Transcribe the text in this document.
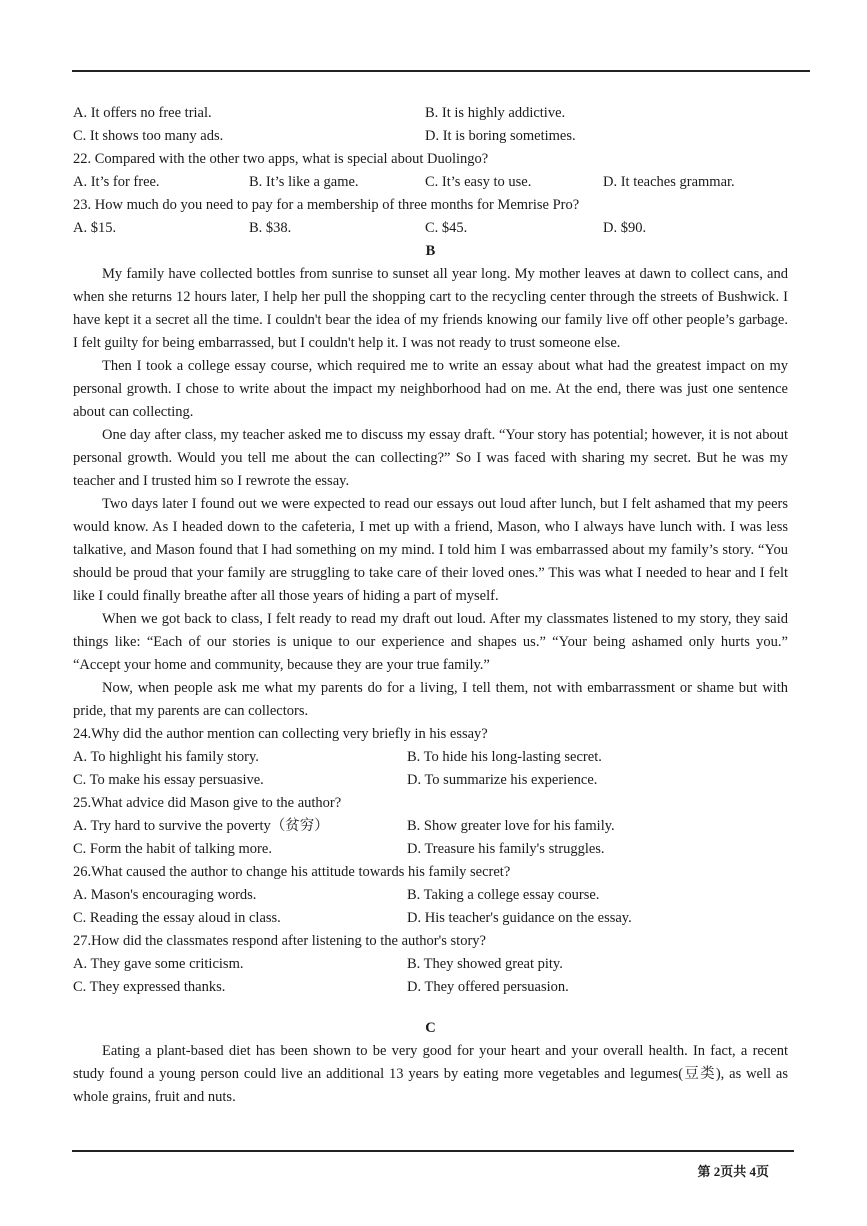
A. It offers no free trial.	B. It is highly addictive.
C. It shows too many ads.	D. It is boring sometimes.

22. Compared with the other two apps, what is special about Duolingo?

A. It’s for free.	B. It’s like a game.	C. It’s easy to use.	D. It teaches grammar.

23. How much do you need to pay for a membership of three months for Memrise Pro?

A. $15.	B. $38.	C. $45.	D. $90.

B

My family have collected bottles from sunrise to sunset all year long. My mother leaves at dawn to collect cans, and when she returns 12 hours later, I help her pull the shopping cart to the recycling center through the streets of Bushwick. I have kept it a secret all the time. I couldn't bear the idea of my friends knowing our family live off other people’s garbage. I felt guilty for being embarrassed, but I couldn't help it. I was not ready to trust someone else.

Then I took a college essay course, which required me to write an essay about what had the greatest impact on my personal growth. I chose to write about the impact my neighborhood had on me. At the end, there was just one sentence about can collecting.

One day after class, my teacher asked me to discuss my essay draft. “Your story has potential; however, it is not about personal growth. Would you tell me about the can collecting?” So I was faced with sharing my secret. But he was my teacher and I trusted him so I rewrote the essay.

Two days later I found out we were expected to read our essays out loud after lunch, but I felt ashamed that my peers would know. As I headed down to the cafeteria, I met up with a friend, Mason, who I always have lunch with. I was less talkative, and Mason found that I had something on my mind. I told him I was embarrassed about my family’s story. “You should be proud that your family are struggling to take care of their loved ones.” This was what I needed to hear and I felt like I could finally breathe after all those years of hiding a part of myself.

When we got back to class, I felt ready to read my draft out loud. After my classmates listened to my story, they said things like: “Each of our stories is unique to our experience and shapes us.” “Your being ashamed only hurts you.” “Accept your home and community, because they are your true family.”

Now, when people ask me what my parents do for a living, I tell them, not with embarrassment or shame but with pride, that my parents are can collectors.

24.Why did the author mention can collecting very briefly in his essay?

A. To highlight his family story.	B. To hide his long-lasting secret.
C. To make his essay persuasive.	D. To summarize his experience.

25.What advice did Mason give to the author?

A. Try hard to survive the poverty（贫穷）	B. Show greater love for his family.
C. Form the habit of talking more.	D. Treasure his family's struggles.

26.What caused the author to change his attitude towards his family secret?

A. Mason's encouraging words.	B. Taking a college essay course.
C. Reading the essay aloud in class.	D. His teacher's guidance on the essay.

27.How did the classmates respond after listening to the author's story?

A. They gave some criticism.	B. They showed great pity.
C. They expressed thanks.	D. They offered persuasion.

C

Eating a plant-based diet has been shown to be very good for your heart and your overall health. In fact, a recent study found a young person could live an additional 13 years by eating more vegetables and legumes(豆类), as well as whole grains, fruit and nuts.

第 2页共 4页
